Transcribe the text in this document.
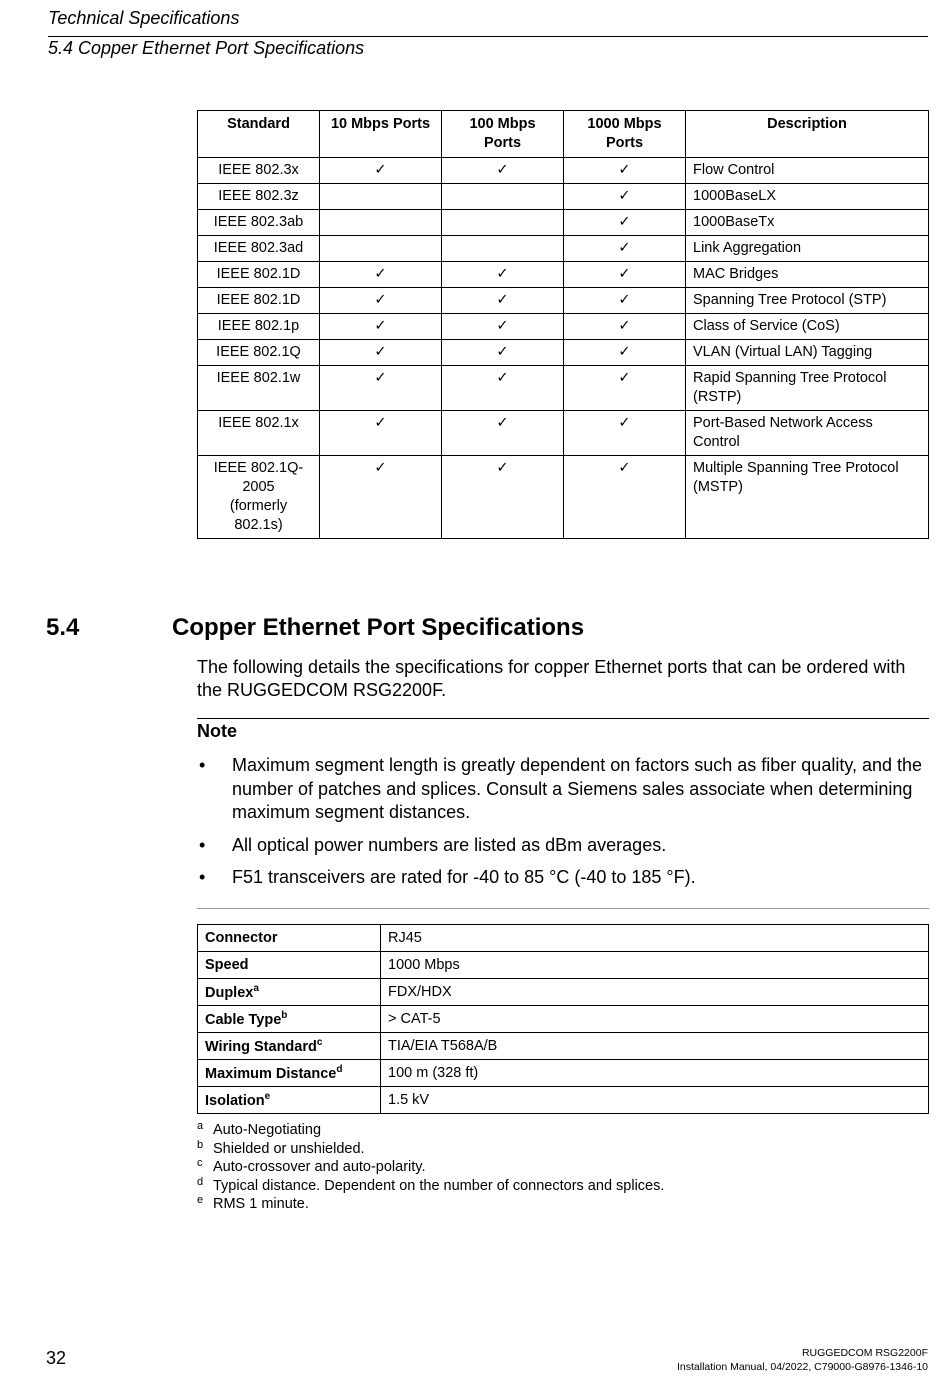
Technical Specifications
5.4 Copper Ethernet Port Specifications
Standard	10 Mbps Ports	100 Mbps Ports	1000 Mbps Ports	Description
IEEE 802.3x	✓	✓	✓	Flow Control
IEEE 802.3z			✓	1000BaseLX
IEEE 802.3ab			✓	1000BaseTx
IEEE 802.3ad			✓	Link Aggregation
IEEE 802.1D	✓	✓	✓	MAC Bridges
IEEE 802.1D	✓	✓	✓	Spanning Tree Protocol (STP)
IEEE 802.1p	✓	✓	✓	Class of Service (CoS)
IEEE 802.1Q	✓	✓	✓	VLAN (Virtual LAN) Tagging
IEEE 802.1w	✓	✓	✓	Rapid Spanning Tree Protocol (RSTP)
IEEE 802.1x	✓	✓	✓	Port-Based Network Access Control
IEEE 802.1Q-2005 (formerly 802.1s)	✓	✓	✓	Multiple Spanning Tree Protocol (MSTP)
5.4	Copper Ethernet Port Specifications
The following details the specifications for copper Ethernet ports that can be ordered with the RUGGEDCOM RSG2200F.
Note
• Maximum segment length is greatly dependent on factors such as fiber quality, and the number of patches and splices. Consult a Siemens sales associate when determining maximum segment distances.
• All optical power numbers are listed as dBm averages.
• F51 transceivers are rated for -40 to 85 °C (-40 to 185 °F).
Connector	RJ45
Speed	1000 Mbps
Duplex$^a$	FDX/HDX
Cable Type$^b$	> CAT-5
Wiring Standard$^c$	TIA/EIA T568A/B
Maximum Distance$^d$	100 m (328 ft)
Isolation$^e$	1.5 kV
a Auto-Negotiating
b Shielded or unshielded.
c Auto-crossover and auto-polarity.
d Typical distance. Dependent on the number of connectors and splices.
e RMS 1 minute.
32	RUGGEDCOM RSG2200F
Installation Manual, 04/2022, C79000-G8976-1346-10
